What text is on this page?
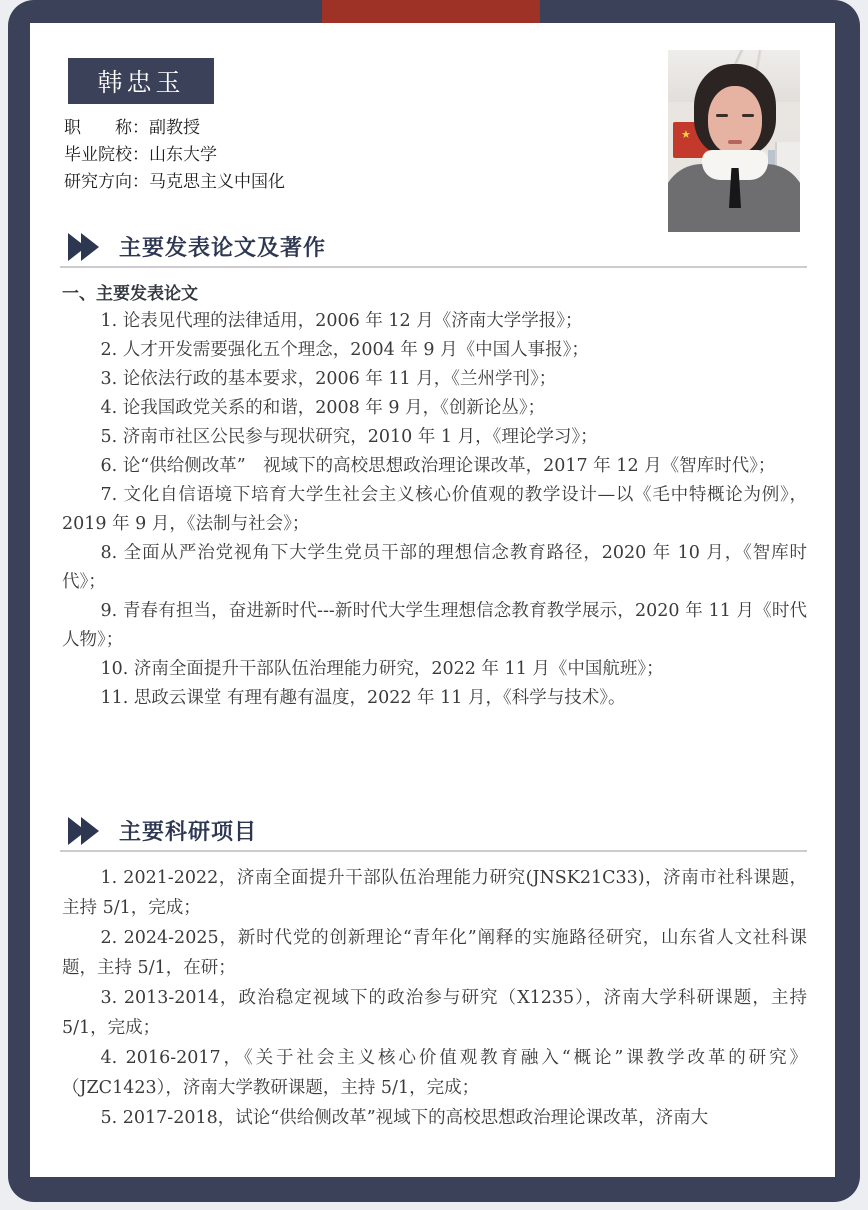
韩忠玉
职　　称：副教授
毕业院校：山东大学
研究方向：马克思主义中国化
★
主要发表论文及著作
一、主要发表论文

1. 论表见代理的法律适用，2006 年 12 月《济南大学学报》；

2. 人才开发需要强化五个理念，2004 年 9 月《中国人事报》；

3. 论依法行政的基本要求，2006 年 11 月，《兰州学刊》；

4. 论我国政党关系的和谐，2008 年 9 月，《创新论丛》；

5. 济南市社区公民参与现状研究，2010 年 1 月，《理论学习》；

6. 论“供给侧改革”　视域下的高校思想政治理论课改革，2017 年 12 月《智库时代》；

7. 文化自信语境下培育大学生社会主义核心价值观的教学设计—以《毛中特概论为例》，2019 年 9 月，《法制与社会》；

8. 全面从严治党视角下大学生党员干部的理想信念教育路径，2020 年 10 月，《智库时代》；

9. 青春有担当，奋进新时代---新时代大学生理想信念教育教学展示，2020 年 11 月《时代人物》；

10. 济南全面提升干部队伍治理能力研究，2022 年 11 月《中国航班》；

11. 思政云课堂 有理有趣有温度，2022 年 11 月，《科学与技术》。

主要科研项目

1. 2021-2022，济南全面提升干部队伍治理能力研究(JNSK21C33)，济南市社科课题，主持 5/1，完成；

2. 2024-2025，新时代党的创新理论“青年化”阐释的实施路径研究，山东省人文社科课题，主持 5/1，在研；

3. 2013-2014，政治稳定视域下的政治参与研究（X1235），济南大学科研课题，主持 5/1，完成；

4. 2016-2017，《关于社会主义核心价值观教育融入“概论”课教学改革的研究》（JZC1423），济南大学教研课题，主持 5/1，完成；

5. 2017-2018，试论“供给侧改革”视域下的高校思想政治理论课改革，济南大
